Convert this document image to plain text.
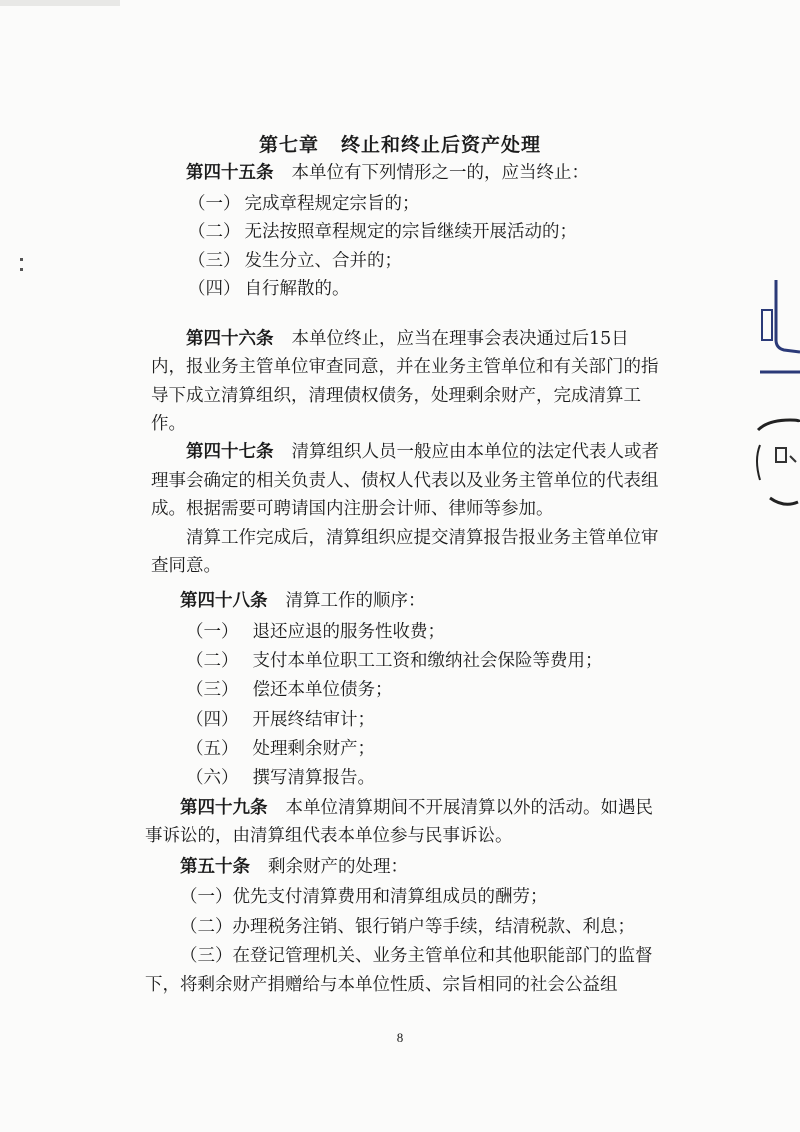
第七章 终止和终止后资产处理
第四十五条 本单位有下列情形之一的，应当终止：
（一） 完成章程规定宗旨的；
（二） 无法按照章程规定的宗旨继续开展活动的；
（三） 发生分立、合并的；
（四） 自行解散的。
第四十六条 本单位终止，应当在理事会表决通过后15日
内，报业务主管单位审查同意，并在业务主管单位和有关部门的指
导下成立清算组织，清理债权债务，处理剩余财产，完成清算工
作。
第四十七条 清算组织人员一般应由本单位的法定代表人或者
理事会确定的相关负责人、债权人代表以及业务主管单位的代表组
成。根据需要可聘请国内注册会计师、律师等参加。
清算工作完成后，清算组织应提交清算报告报业务主管单位审
查同意。
第四十八条 清算工作的顺序：
（一） 退还应退的服务性收费；
（二） 支付本单位职工工资和缴纳社会保险等费用；
（三） 偿还本单位债务；
（四） 开展终结审计；
（五） 处理剩余财产；
（六） 撰写清算报告。
第四十九条 本单位清算期间不开展清算以外的活动。如遇民
事诉讼的，由清算组代表本单位参与民事诉讼。
第五十条 剩余财产的处理：
（一）优先支付清算费用和清算组成员的酬劳；
（二）办理税务注销、银行销户等手续，结清税款、利息；
（三）在登记管理机关、业务主管单位和其他职能部门的监督
下，将剩余财产捐赠给与本单位性质、宗旨相同的社会公益组
8
